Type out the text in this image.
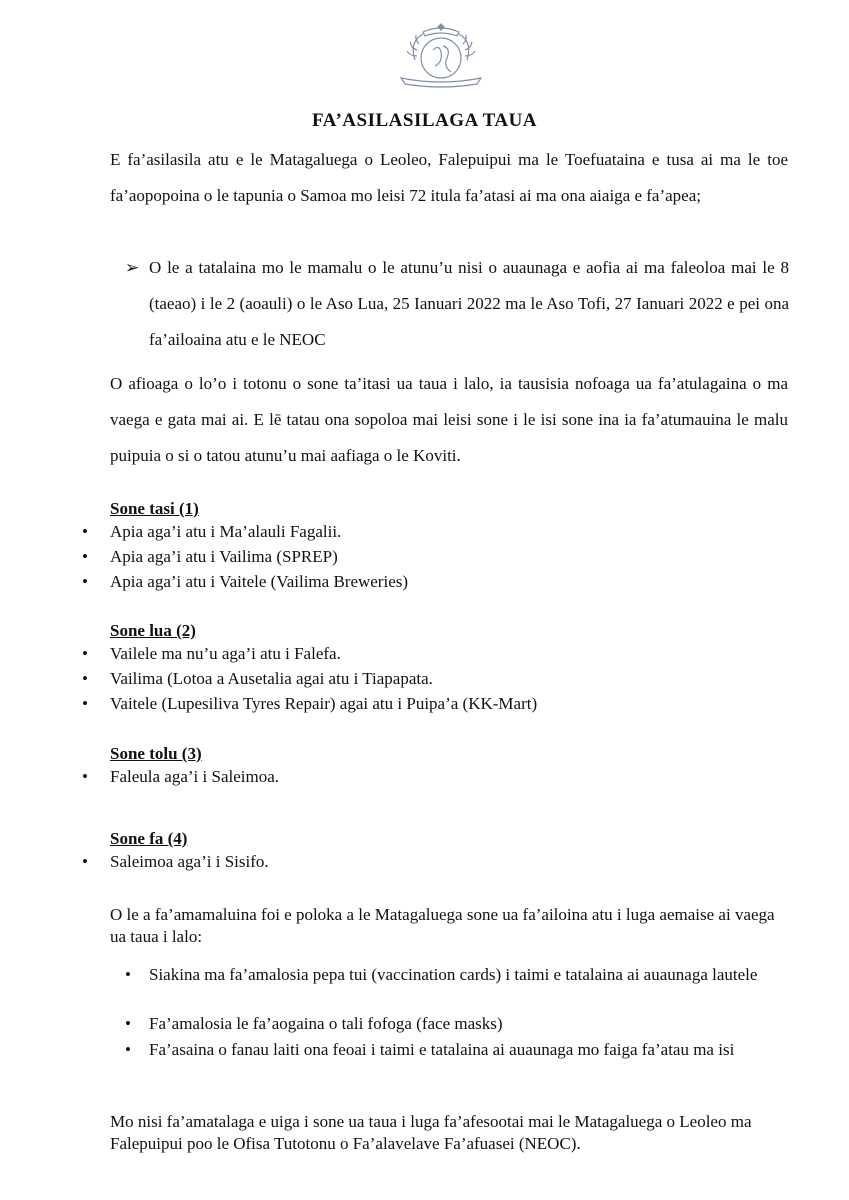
FA’ASILASILAGA TAUA
E fa’asilasila atu e le Matagaluega o Leoleo, Falepuipui ma le Toefuataina e tusa ai ma le toe fa’aopopoina o le tapunia o Samoa mo leisi 72 itula fa’atasi ai ma ona aiaiga e fa’apea;
➢ O le a tatalaina mo le mamalu o le atunu’u nisi o auaunaga e aofia ai ma faleoloa mai le 8 (taeao) i le 2 (aoauli) o le Aso Lua, 25 Ianuari 2022 ma le Aso Tofi, 27 Ianuari 2022 e pei ona fa’ailoaina atu e le NEOC
O afioaga o lo’o i totonu o sone ta’itasi ua taua i lalo, ia tausisia nofoaga ua fa’atulagaina o ma vaega e gata mai ai. E lē tatau ona sopoloa mai leisi sone i le isi sone ina ia fa’atumauina le malu puipuia o si o tatou atunu’u mai aafiaga o le Koviti.
Sone tasi (1)
• Apia aga’i atu i Ma’alauli Fagalii.
• Apia aga’i atu i Vailima (SPREP)
• Apia aga’i atu i Vaitele (Vailima Breweries)
Sone lua (2)
• Vailele ma nu’u aga’i atu i Falefa.
• Vailima (Lotoa a Ausetalia agai atu i Tiapapata.
• Vaitele (Lupesiliva Tyres Repair) agai atu i Puipa’a (KK-Mart)
Sone tolu (3)
• Faleula aga’i i Saleimoa.
Sone fa (4)
• Saleimoa aga’i i Sisifo.
O le a fa’amamaluina foi e poloka a le Matagaluega sone ua fa’ailoina atu i luga aemaise ai vaega ua taua i lalo:
• Siakina ma fa’amalosia pepa tui (vaccination cards) i taimi e tatalaina ai auaunaga lautele
• Fa’amalosia le fa’aogaina o tali fofoga (face masks)
• Fa’asaina o fanau laiti ona feoai i taimi e tatalaina ai auaunaga mo faiga fa’atau ma isi
Mo nisi fa’amatalaga e uiga i sone ua taua i luga fa’afesootai mai le Matagaluega o Leoleo ma Falepuipui poo le Ofisa Tutotonu o Fa’alavelave Fa’afuasei (NEOC).
